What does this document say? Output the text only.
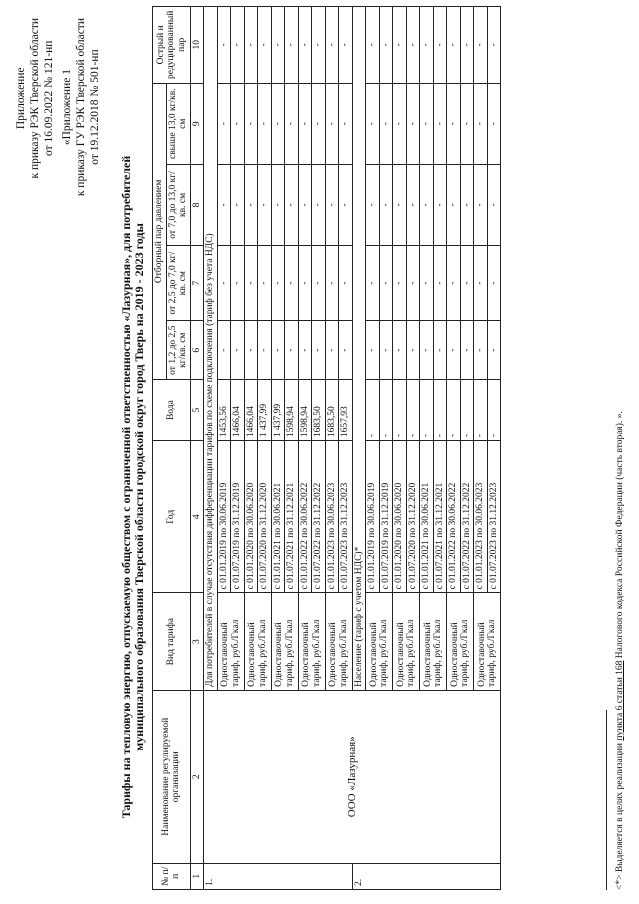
Приложение к приказу РЭК Тверской области от 16.09.2022 № 121-нп «Приложение 1 к приказу ГУ РЭК Тверской области от 19.12.2018 № 501-нп
Тарифы на тепловую энергию, отпускаемую обществом с ограниченной ответственностью «Лазурная», для потребителей муниципального образования Тверской области городской округ город Тверь на 2019 - 2023 годы
№ п/п	Наименование регулируемой организации	Вид тарифа	Год	Вода	Отборный пар давлением				Острый и редуцированный пар
					от 1,2 до 2,5 кг/кв. см	от 2,5 до 7,0 кг/кв. см	от 7,0 до 13,0 кг/кв. см	свыше 13,0 кг/кв. см	
1	2	3	4	5	6	7	8	9	10
1.	ООО «Лазурная»	Для потребителей в случае отсутствия дифференциации тарифов по схеме подключения (тариф без учета НДС)							
		Одноставочный тариф, руб./Гкал	с 01.01.2019 по 30.06.2019	1453,56	-	-	-	-	-
			с 01.07.2019 по 31.12.2019	1466,04	-	-	-	-	-
		Одноставочный тариф, руб./Гкал	с 01.01.2020 по 30.06.2020	1466,04	-	-	-	-	-
			с 01.07.2020 по 31.12.2020	1 437,99	-	-	-	-	-
		Одноставочный тариф, руб./Гкал	с 01.01.2021 по 30.06.2021	1 437,99	-	-	-	-	-
			с 01.07.2021 по 31.12.2021	1598,94	-	-	-	-	-
		Одноставочный тариф, руб./Гкал	с 01.01.2022 по 30.06.2022	1598,94	-	-	-	-	-
			с 01.07.2022 по 31.12.2022	1683,50	-	-	-	-	-
		Одноставочный тариф, руб./Гкал	с 01.01.2023 по 30.06.2023	1683,50	-	-	-	-	-
			с 01.07.2023 по 31.12.2023	1657,93	-	-	-	-	-
2.		Население (тариф с учетом НДС)*							
		Одноставочный тариф, руб./Гкал	с 01.01.2019 по 30.06.2019	-	-	-	-	-	-
			с 01.07.2019 по 31.12.2019	-	-	-	-	-	-
		Одноставочный тариф, руб./Гкал	с 01.01.2020 по 30.06.2020	-	-	-	-	-	-
			с 01.07.2020 по 31.12.2020	-	-	-	-	-	-
		Одноставочный тариф, руб./Гкал	с 01.01.2021 по 30.06.2021	-	-	-	-	-	-
			с 01.07.2021 по 31.12.2021	-	-	-	-	-	-
		Одноставочный тариф, руб./Гкал	с 01.01.2022 по 30.06.2022	-	-	-	-	-	-
			с 01.07.2022 по 31.12.2022	-	-	-	-	-	-
		Одноставочный тариф, руб./Гкал	с 01.01.2023 по 30.06.2023	-	-	-	-	-	-
			с 01.07.2023 по 31.12.2023	-	-	-	-	-	-
<*> Выделяется в целях реализации пункта 6 статьи 168 Налогового кодекса Российской Федерации (часть вторая). ».
